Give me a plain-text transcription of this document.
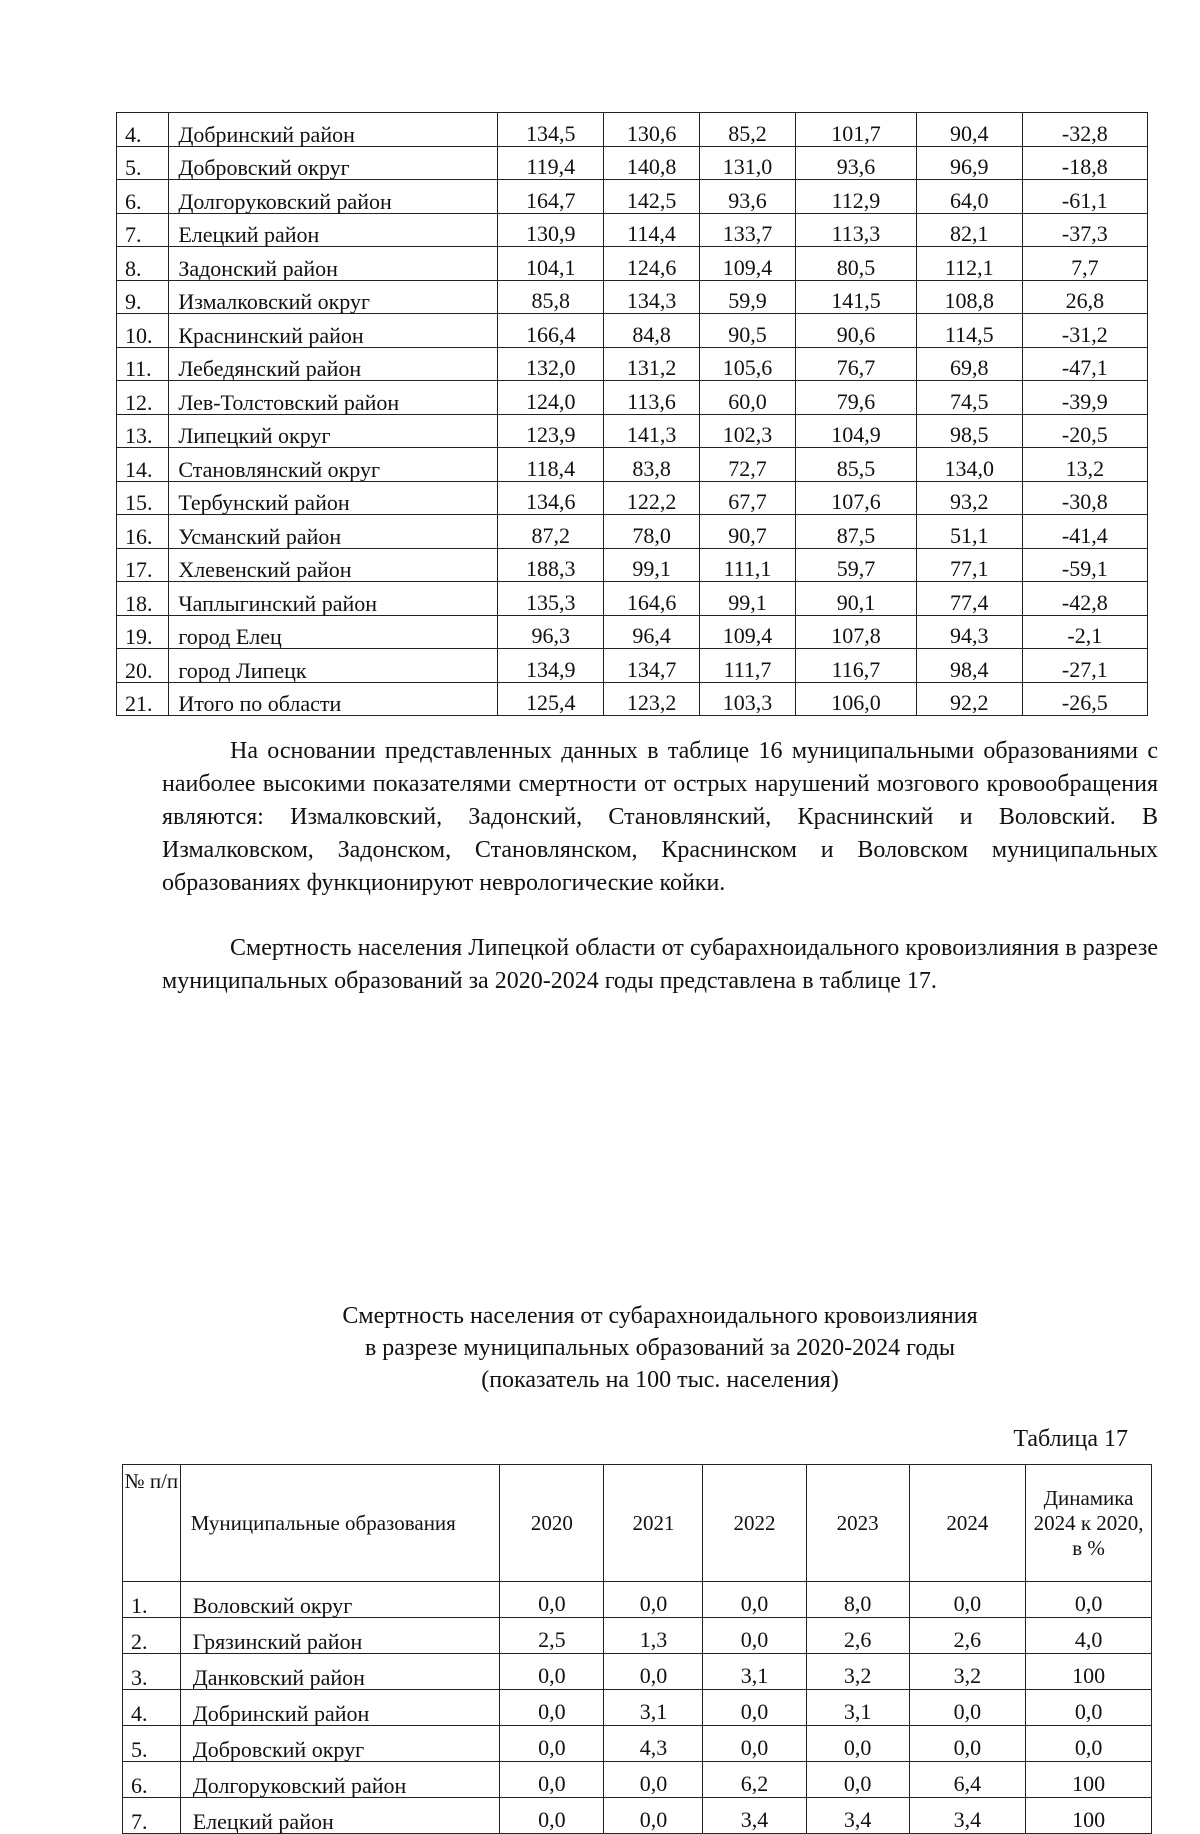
4.	Добринский район	134,5	130,6	85,2	101,7	90,4	-32,8
5.	Добровский округ	119,4	140,8	131,0	93,6	96,9	-18,8
6.	Долгоруковский район	164,7	142,5	93,6	112,9	64,0	-61,1
7.	Елецкий район	130,9	114,4	133,7	113,3	82,1	-37,3
8.	Задонский район	104,1	124,6	109,4	80,5	112,1	7,7
9.	Измалковский округ	85,8	134,3	59,9	141,5	108,8	26,8
10.	Краснинский район	166,4	84,8	90,5	90,6	114,5	-31,2
11.	Лебедянский район	132,0	131,2	105,6	76,7	69,8	-47,1
12.	Лев-Толстовский район	124,0	113,6	60,0	79,6	74,5	-39,9
13.	Липецкий округ	123,9	141,3	102,3	104,9	98,5	-20,5
14.	Становлянский округ	118,4	83,8	72,7	85,5	134,0	13,2
15.	Тербунский район	134,6	122,2	67,7	107,6	93,2	-30,8
16.	Усманский район	87,2	78,0	90,7	87,5	51,1	-41,4
17.	Хлевенский район	188,3	99,1	111,1	59,7	77,1	-59,1
18.	Чаплыгинский район	135,3	164,6	99,1	90,1	77,4	-42,8
19.	город Елец	96,3	96,4	109,4	107,8	94,3	-2,1
20.	город Липецк	134,9	134,7	111,7	116,7	98,4	-27,1
21.	Итого по области	125,4	123,2	103,3	106,0	92,2	-26,5

На основании представленных данных в таблице 16 муниципальными образованиями с наиболее высокими показателями смертности от острых нарушений мозгового кровообращения являются: Измалковский, Задонский, Становлянский, Краснинский и Воловский. В Измалковском, Задонском, Становлянском, Краснинском и Воловском муниципальных образованиях функционируют неврологические койки.

Смертность населения Липецкой области от субарахноидального кровоизлияния в разрезе муниципальных образований за 2020-2024 годы представлена в таблице 17.

Смертность населения от субарахноидального кровоизлияния

в разрезе муниципальных образований за 2020-2024 годы

(показатель на 100 тыс. населения)

Таблица 17
№ п/п	Муниципальные образования	2020	2021	2022	2023	2024	Динамика 2024 к 2020, в %
1.	Воловский округ	0,0	0,0	0,0	8,0	0,0	0,0
2.	Грязинский район	2,5	1,3	0,0	2,6	2,6	4,0
3.	Данковский район	0,0	0,0	3,1	3,2	3,2	100
4.	Добринский район	0,0	3,1	0,0	3,1	0,0	0,0
5.	Добровский округ	0,0	4,3	0,0	0,0	0,0	0,0
6.	Долгоруковский район	0,0	0,0	6,2	0,0	6,4	100
7.	Елецкий район	0,0	0,0	3,4	3,4	3,4	100
